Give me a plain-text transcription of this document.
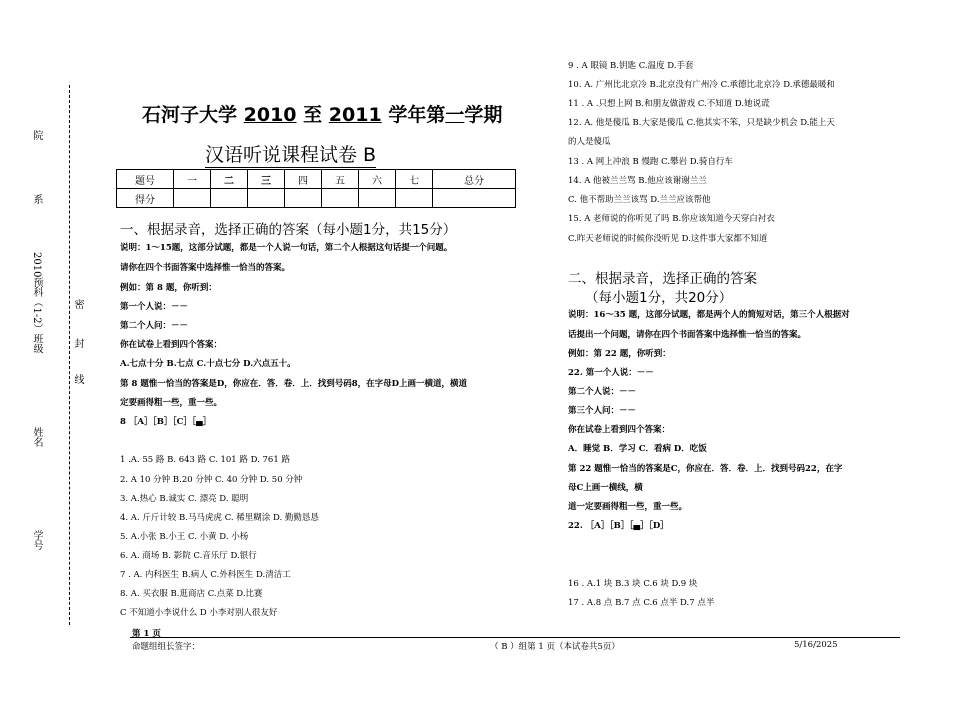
院
系
2010预科（1-2）班级
姓名
学号
密
封
线
石河子大学 2010 至 2011 学年第一学期
汉语听说课程试卷 B
题号	一	二	三	四	五	六	七	总分
得分								
一、根据录音，选择正确的答案（每小题1分，共15分）
说明：1～15题，这部分试题，都是一个人说一句话，第二个人根据这句话提一个问题。
请你在四个书面答案中选择惟一恰当的答案。
例如：第 8 题，你听到：
第一个人说：－－
第二个人问：－－
你在试卷上看到四个答案：
A.七点十分 B.七点 C.十点七分 D.六点五十。
第 8 题惟一恰当的答案是D，你应在．答．卷．上．找到号码8，在字母D上画一横道，横道
定要画得粗一些，重一些。
8 ［A］［B］［C］［▄］
1 .A. 55 路 B. 643 路 C. 101 路 D. 761 路
2. A 10 分钟 B.20 分钟 C. 40 分钟 D. 50 分钟
3. A.热心 B.诚实 C. 漂亮 D. 聪明
4. A. 斤斤计较 B.马马虎虎 C. 稀里糊涂 D. 勤勤恳恳
5. A.小张 B.小王 C. 小黄 D. 小杨
6. A. 商场 B. 影院 C.音乐厅 D.银行
7 . A. 内科医生 B.病人 C.外科医生 D.清洁工
8. A. 买衣服 B.逛商店 C.点菜 D.比赛
C 不知道小李说什么 D 小李对别人很友好
9 . A 眼镜 B.钥匙 C.温度 D.手套
10. A. 广州比北京冷 B.北京没有广州冷 C.承德比北京冷 D.承德最暖和
11 . A .只想上网 B.和朋友做游戏 C.不知道 D.她说谎
12. A. 他是傻瓜 B.大家是傻瓜 C.他其实不笨，只是缺少机会 D.能上天
的人是傻瓜
13 . A 网上冲浪 B 慢跑 C.攀岩 D.骑自行车
14. A 他被兰兰骂 B.他应该谢谢兰兰
C. 他不帮助兰兰该骂 D.兰兰应该帮他
15. A 老师说的你听见了吗 B.你应该知道今天穿白衬衣
C.昨天老师说的时候你没听见 D.这件事大家都不知道
二、根据录音，选择正确的答案
（每小题1分，共20分）
说明：16～35 题，这部分试题，都是两个人的简短对话，第三个人根据对
话提出一个问题，请你在四个书面答案中选择惟一恰当的答案。
例如：第 22 题，你听到：
22. 第一个人说：－－
第二个人说：－－
第三个人问：－－
你在试卷上看到四个答案：
A．睡觉 B．学习 C．看病 D．吃饭
第 22 题惟一恰当的答案是C，你应在．答．卷．上．找到号码22，在字
母C上画一横线，横
道一定要画得粗一些，重一些。
22. ［A］［B］［▄］［D］
16 . A.1 块 B.3 块 C.6 块 D.9 块
17 . A.8 点 B.7 点 C.6 点半 D.7 点半
第 1 页
命题组组长签字：	（ B ）组第 1 页（本试卷共5页）	5/16/2025
